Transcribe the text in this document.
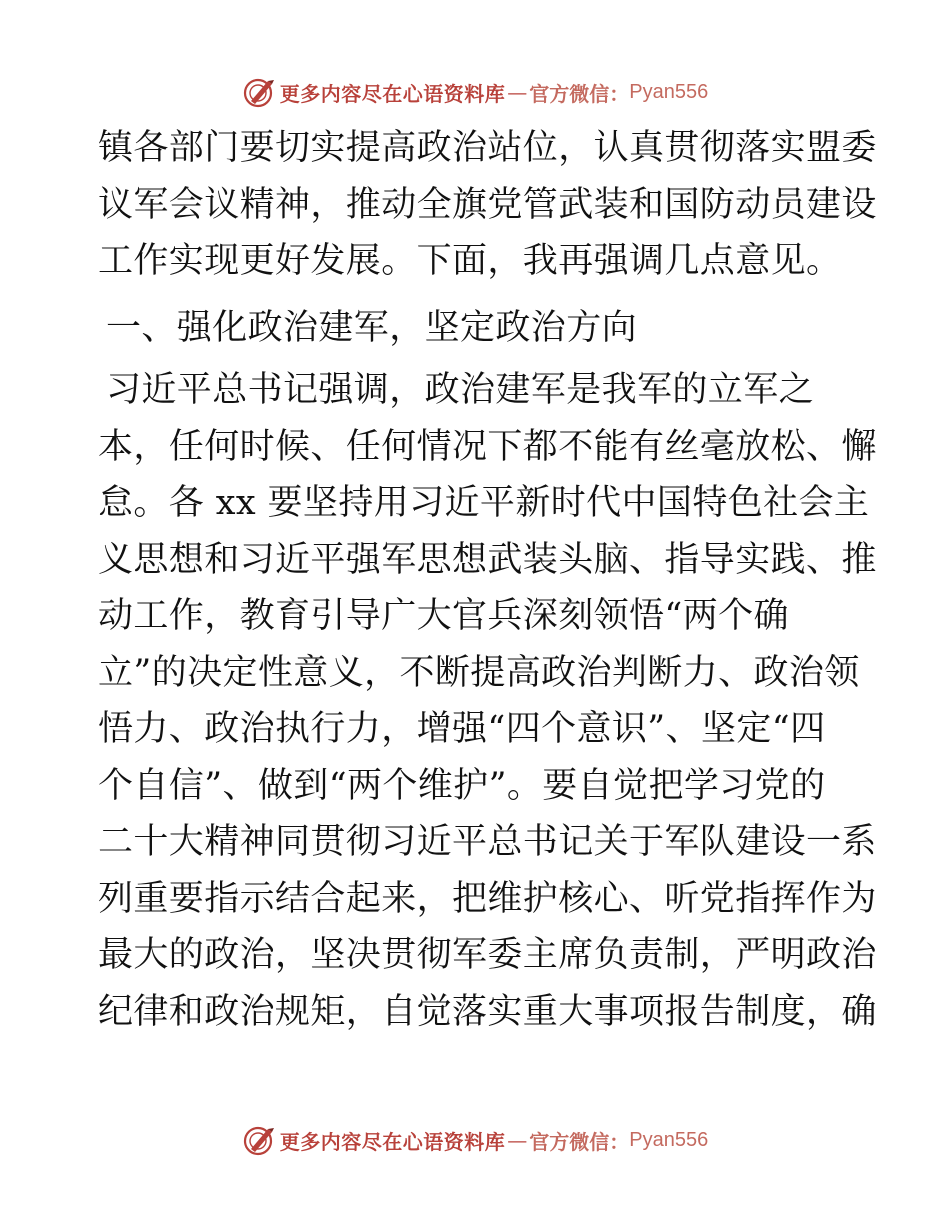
更多内容尽在心语资料库 — 官方微信： Pyan556
镇各部门要切实提高政治站位，认真贯彻落实盟委
议军会议精神，推动全旗党管武装和国防动员建设
工作实现更好发展。下面，我再强调几点意见。
一、强化政治建军，坚定政治方向
习近平总书记强调，政治建军是我军的立军之
本，任何时候、任何情况下都不能有丝毫放松、懈
怠。各 xx 要坚持用习近平新时代中国特色社会主
义思想和习近平强军思想武装头脑、指导实践、推
动工作，教育引导广大官兵深刻领悟“两个确
立”的决定性意义，不断提高政治判断力、政治领
悟力、政治执行力，增强“四个意识”、坚定“四
个自信”、做到“两个维护”。要自觉把学习党的
二十大精神同贯彻习近平总书记关于军队建设一系
列重要指示结合起来，把维护核心、听党指挥作为
最大的政治，坚决贯彻军委主席负责制，严明政治
纪律和政治规矩，自觉落实重大事项报告制度，确
更多内容尽在心语资料库 — 官方微信： Pyan556
